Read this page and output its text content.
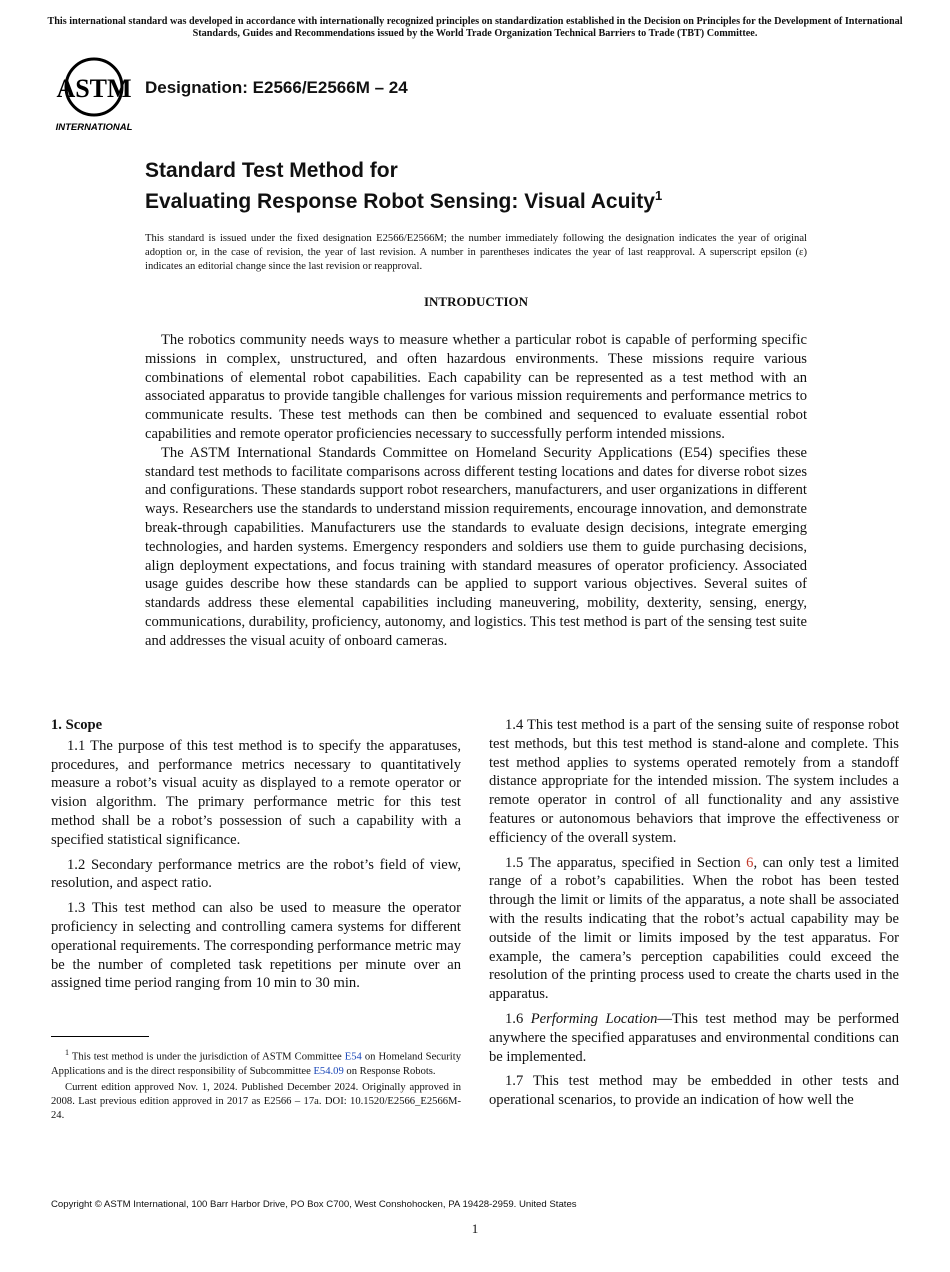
This international standard was developed in accordance with internationally recognized principles on standardization established in the Decision on Principles for the Development of International Standards, Guides and Recommendations issued by the World Trade Organization Technical Barriers to Trade (TBT) Committee.
ASTM
INTERNATIONAL
Designation: E2566/E2566M – 24
Standard Test Method for
Evaluating Response Robot Sensing: Visual Acuity$^1$
This standard is issued under the fixed designation E2566/E2566M; the number immediately following the designation indicates the year of original adoption or, in the case of revision, the year of last revision. A number in parentheses indicates the year of last reapproval. A superscript epsilon (ε) indicates an editorial change since the last revision or reapproval.
INTRODUCTION

The robotics community needs ways to measure whether a particular robot is capable of performing specific missions in complex, unstructured, and often hazardous environments. These missions require various combinations of elemental robot capabilities. Each capability can be represented as a test method with an associated apparatus to provide tangible challenges for various mission requirements and performance metrics to communicate results. These test methods can then be combined and sequenced to evaluate essential robot capabilities and remote operator proficiencies necessary to successfully perform intended missions.

The ASTM International Standards Committee on Homeland Security Applications (E54) specifies these standard test methods to facilitate comparisons across different testing locations and dates for diverse robot sizes and configurations. These standards support robot researchers, manufacturers, and user organizations in different ways. Researchers use the standards to understand mission requirements, encourage innovation, and demonstrate break-through capabilities. Manufacturers use the standards to evaluate design decisions, integrate emerging technologies, and harden systems. Emergency responders and soldiers use them to guide purchasing decisions, align deployment expectations, and focus training with standard measures of operator proficiency. Associated usage guides describe how these standards can be applied to support various objectives. Several suites of standards address these elemental capabilities including maneuvering, mobility, dexterity, sensing, energy, communications, durability, proficiency, autonomy, and logistics. This test method is part of the sensing test suite and addresses the visual acuity of onboard cameras.

1. Scope

1.1 The purpose of this test method is to specify the apparatuses, procedures, and performance metrics necessary to quantitatively measure a robot’s visual acuity as displayed to a remote operator or vision algorithm. The primary performance metric for this test method shall be a robot’s possession of such a capability with a specified statistical significance.

1.2 Secondary performance metrics are the robot’s field of view, resolution, and aspect ratio.

1.3 This test method can also be used to measure the operator proficiency in selecting and controlling camera systems for different operational requirements. The corresponding performance metric may be the number of completed task repetitions per minute over an assigned time period ranging from 10 min to 30 min.

1.4 This test method is a part of the sensing suite of response robot test methods, but this test method is stand-alone and complete. This test method applies to systems operated remotely from a standoff distance appropriate for the intended mission. The system includes a remote operator in control of all functionality and any assistive features or autonomous behaviors that improve the effectiveness or efficiency of the overall system.

1.5 The apparatus, specified in Section 6, can only test a limited range of a robot’s capabilities. When the robot has been tested through the limit or limits of the apparatus, a note shall be associated with the results indicating that the robot’s actual capability may be outside of the limit or limits imposed by the test apparatus. For example, the camera’s perception capabilities could exceed the resolution of the printing process used to create the charts used in the apparatus.

1.6 Performing Location—This test method may be performed anywhere the specified apparatuses and environmental conditions can be implemented.

1.7 This test method may be embedded in other tests and operational scenarios, to provide an indication of how well the

$^1$ This test method is under the jurisdiction of ASTM Committee E54 on Homeland Security Applications and is the direct responsibility of Subcommittee E54.09 on Response Robots.

Current edition approved Nov. 1, 2024. Published December 2024. Originally approved in 2008. Last previous edition approved in 2017 as E2566 – 17a. DOI: 10.1520/E2566_E2566M-24.

Copyright © ASTM International, 100 Barr Harbor Drive, PO Box C700, West Conshohocken, PA 19428-2959. United States
1
